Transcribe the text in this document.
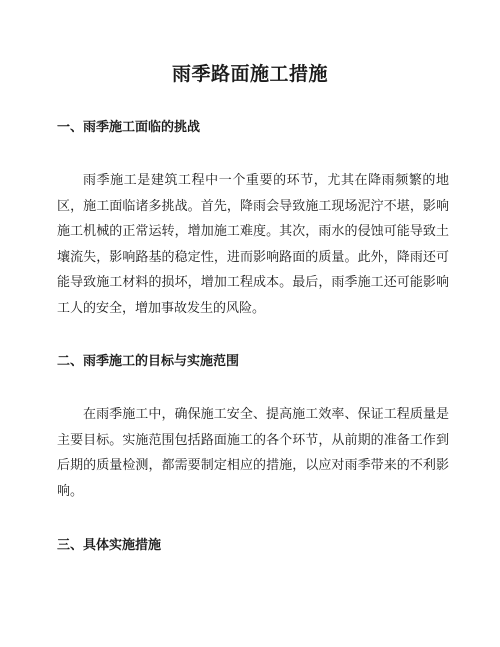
雨季路面施工措施
一、雨季施工面临的挑战

雨季施工是建筑工程中一个重要的环节，尤其在降雨频繁的地区，施工面临诸多挑战。首先，降雨会导致施工现场泥泞不堪，影响施工机械的正常运转，增加施工难度。其次，雨水的侵蚀可能导致土壤流失，影响路基的稳定性，进而影响路面的质量。此外，降雨还可能导致施工材料的损坏，增加工程成本。最后，雨季施工还可能影响工人的安全，增加事故发生的风险。

二、雨季施工的目标与实施范围

在雨季施工中，确保施工安全、提高施工效率、保证工程质量是主要目标。实施范围包括路面施工的各个环节，从前期的准备工作到后期的质量检测，都需要制定相应的措施，以应对雨季带来的不利影响。

三、具体实施措施
